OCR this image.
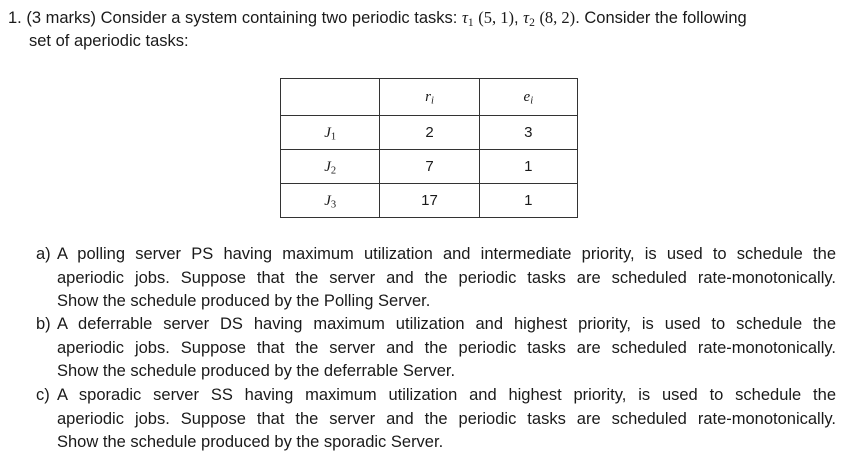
1. (3 marks) Consider a system containing two periodic tasks: $\tau_1$ (5, 1), $\tau_2$ (8, 2). Consider the following
set of aperiodic tasks:
	$r_i$	$e_i$
$J_1$	2	3
$J_2$	7	1
$J_3$	17	1
a) A polling server PS having maximum utilization and intermediate priority, is used to schedule the
aperiodic jobs. Suppose that the server and the periodic tasks are scheduled rate-monotonically.
Show the schedule produced by the Polling Server.
b) A deferrable server DS having maximum utilization and highest priority, is used to schedule the
aperiodic jobs. Suppose that the server and the periodic tasks are scheduled rate-monotonically.
Show the schedule produced by the deferrable Server.
c) A sporadic server SS having maximum utilization and highest priority, is used to schedule the
aperiodic jobs. Suppose that the server and the periodic tasks are scheduled rate-monotonically.
Show the schedule produced by the sporadic Server.
